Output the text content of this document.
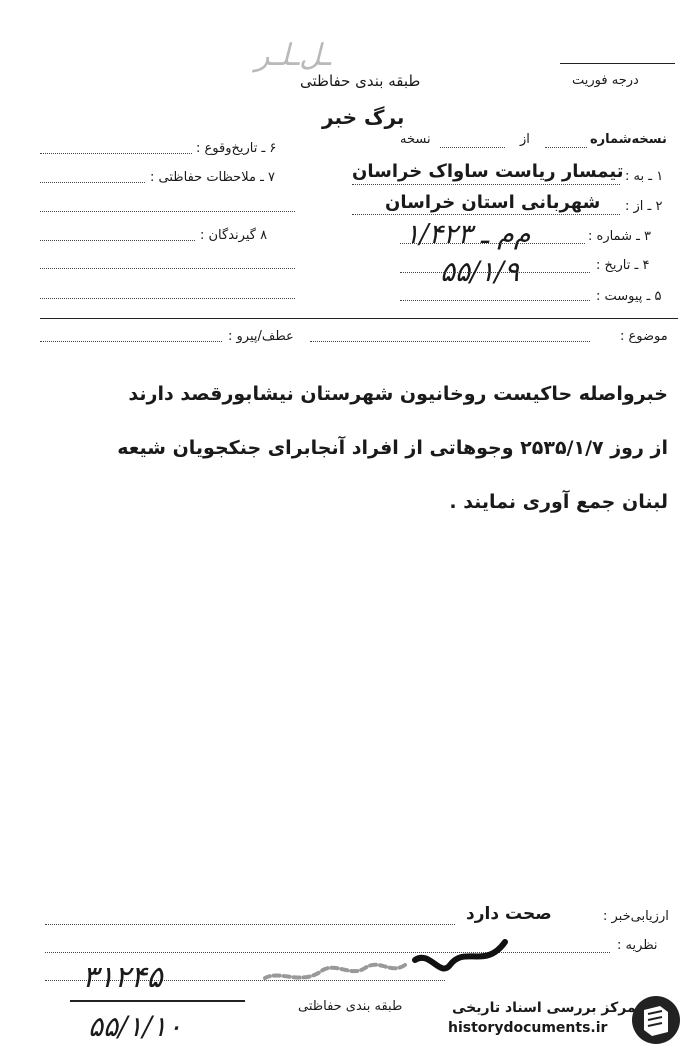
ـل‌ـلـر
طبقه بندی حفاظتی	درجه فوریت
برگ خبر
نسخه‌شماره
از
نسخه
۶ ـ تاریخ‌وقوع :
۷ ـ ملاحظات حفاظتی :
۸ گیرندگان :
۱ ـ به :
تیمسار ریاست ساواک خراسان
۲ ـ از :
شهربانی استان خراسان
۳ ـ شماره :
۱/م‌م ـ ۴۲۳
۴ ـ تاریخ :
۵۵/۱/۹
۵ ـ پیوست :
موضوع :
عطف/پیرو :
خبرواصله حاکیست روخانیون شهرستان نیشابورقصد دارند
از روز ۲۵۳۵/۱/۷ وجوهاتی از افراد آنجابرای جنکجویان شیعه
لبنان جمع آوری نمایند .
ارزیابی‌خبر :
صحت دارد
نظریه :
۳۱۲۴۵
۵۵/۱/۱۰
طبقه بندی حفاظتی	مرکز بررسی اسناد تاریخی
historydocuments.ir
